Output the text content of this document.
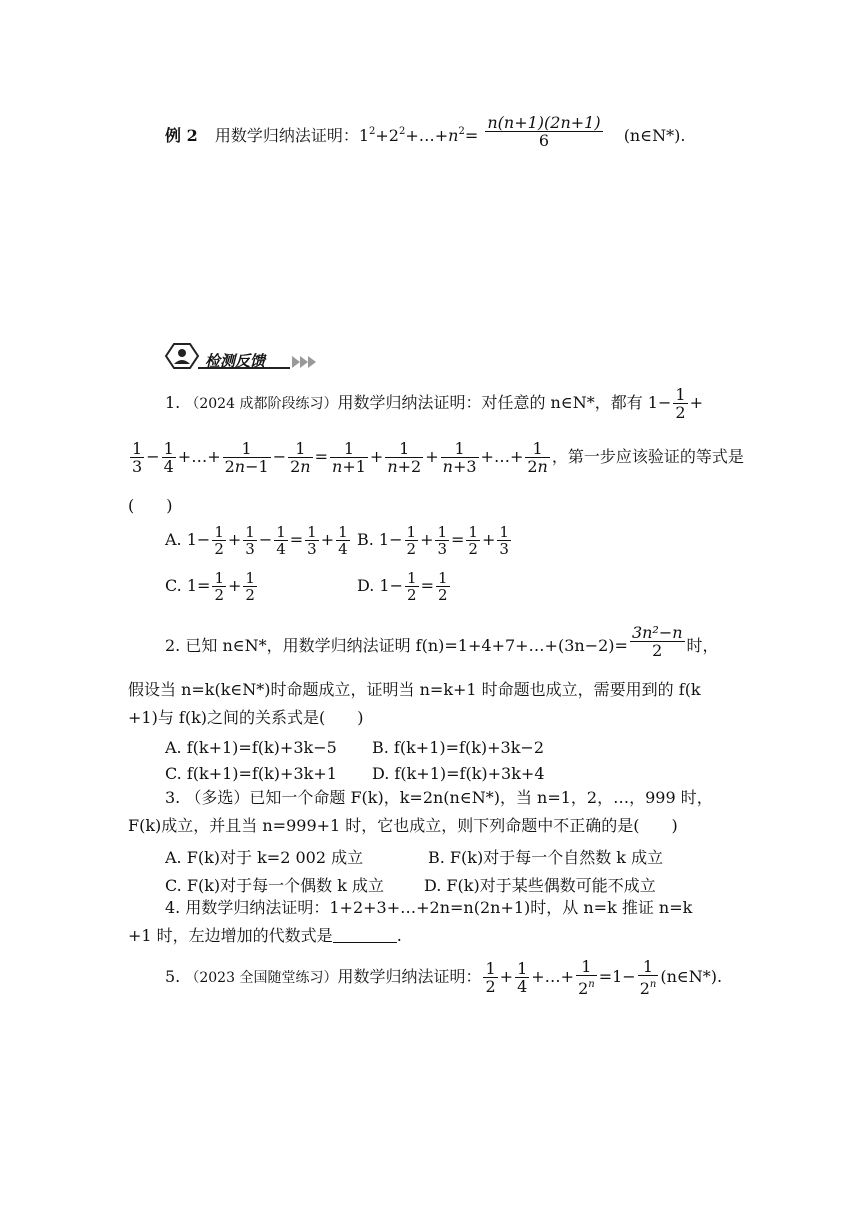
例 2 用数学归纳法证明：$1^2+2^2+\dots+n^2= \frac{n(n+1)(2n+1)}{6}$ (n∈N*).
检测反馈
1. （2024 成都阶段练习）用数学归纳法证明：对任意的 n∈N*，都有 $1- \frac{1}{2}$ +
$\frac{1}{3} - \frac{1}{4}$ +…+ $\frac{1}{2n-1} - \frac{1}{2n} = \frac{1}{n+1} + \frac{1}{n+2} + \frac{1}{n+3}$ +…+ $\frac{1}{2n}$ ，第一步应该验证的等式是
(　　)
A. $1- \frac{1}{2} + \frac{1}{3} - \frac{1}{4} = \frac{1}{3} + \frac{1}{4} B$. $1- \frac{1}{2} + \frac{1}{3} = \frac{1}{2} + \frac{1}{3}$
C. $1= \frac{1}{2} + \frac{1}{2}$	D. $1- \frac{1}{2} = \frac{1}{2}$
2. 已知 n∈N*，用数学归纳法证明 f(n)=1+4+7+…+(3n−2)= $\frac{\text{3n²−n}}{2}$ 时，
假设当 n=k(k∈N*)时命题成立，证明当 n=k+1 时命题也成立，需要用到的 f(k
+1)与 f(k)之间的关系式是(　　)
A. f(k+1)=f(k)+3k−5 B. f(k+1)=f(k)+3k−2
C. f(k+1)=f(k)+3k+1 D. f(k+1)=f(k)+3k+4
3. （多选）已知一个命题 F(k)，k=2n(n∈N*)，当 n=1，2，…，999 时，
F(k)成立，并且当 n=999+1 时，它也成立，则下列命题中不正确的是(　　)
A. F(k)对于 k=2 002 成立	B. F(k)对于每一个自然数 k 成立
C. F(k)对于每一个偶数 k 成立	D. F(k)对于某些偶数可能不成立
4. 用数学归纳法证明：1+2+3+…+2n=n(2n+1)时，从 n=k 推证 n=k
+1 时，左边增加的代数式是	.
5. （2023 全国随堂练习）用数学归纳法证明： $\frac{1}{2} + \frac{1}{4}$ +…+ $\frac{1}{2^n} =1- \frac{1}{2^n}$ (n∈N*).
